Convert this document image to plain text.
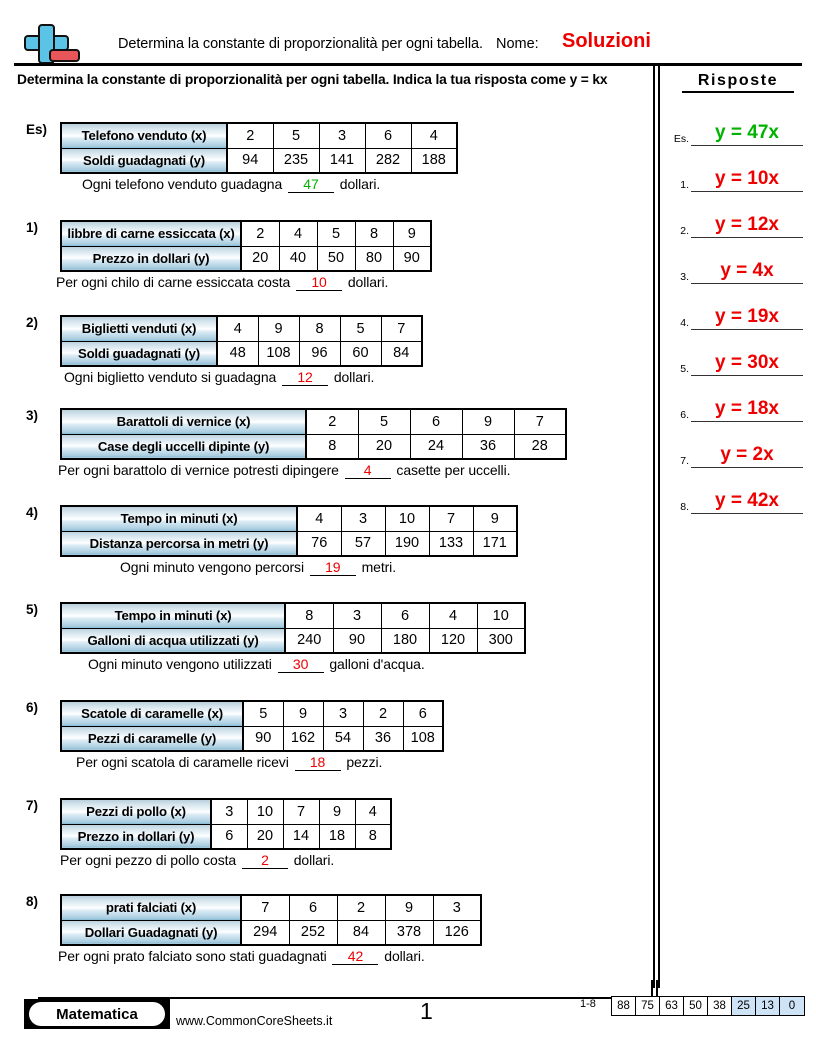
Determina la constante di proporzionalità per ogni tabella. Nome: Soluzioni
Determina la constante di proporzionalità per ogni tabella. Indica la tua risposta come y = kx	Risposte
Es.	y = 47x
1.	y = 10x
2.	y = 12x
3.	y = 4x
4.	y = 19x
5.	y = 30x
6.	y = 18x
7.	y = 2x
8.	y = 42x
Es)	Telefono venduto (x)	2	5	3	6	4
Soldi guadagnati (y)	94	235	141	282	188
Ogni telefono venduto guadagna 47 dollari.
1) libbre di carne essiccata (x)	2	4	5	8	9
Prezzo in dollari (y)	20	40	50	80	90
Per ogni chilo di carne essiccata costa 10 dollari.
2)	Biglietti venduti (x)	4	9	8	5	7
Soldi guadagnati (y)	48	108	96	60	84
Ogni biglietto venduto si guadagna 12 dollari.
3)	Barattoli di vernice (x)	2	5	6	9	7
Case degli uccelli dipinte (y)	8	20	24	36	28
Per ogni barattolo di vernice potresti dipingere 4 casette per uccelli.
4)	Tempo in minuti (x)	4	3	10	7	9
Distanza percorsa in metri (y)	76	57	190	133	171
Ogni minuto vengono percorsi 19 metri.
5)	Tempo in minuti (x)	8	3	6	4	10
Galloni di acqua utilizzati (y)	240	90	180	120	300
Ogni minuto vengono utilizzati 30 galloni d'acqua.
6)	Scatole di caramelle (x)	5	9	3	2	6
Pezzi di caramelle (y)	90	162	54	36	108
Per ogni scatola di caramelle ricevi 18 pezzi.
7)	Pezzi di pollo (x)	3	10	7	9	4
Prezzo in dollari (y)	6	20	14	18	8
Per ogni pezzo di pollo costa 2 dollari.
8)	prati falciati (x)	7	6	2	9	3
Dollari Guadagnati (y)	294	252	84	378	126
Per ogni prato falciato sono stati guadagnati 42 dollari.
Matematica	www.CommonCoreSheets.it	1	1-8	88 75 63 50 38 25 13	0
